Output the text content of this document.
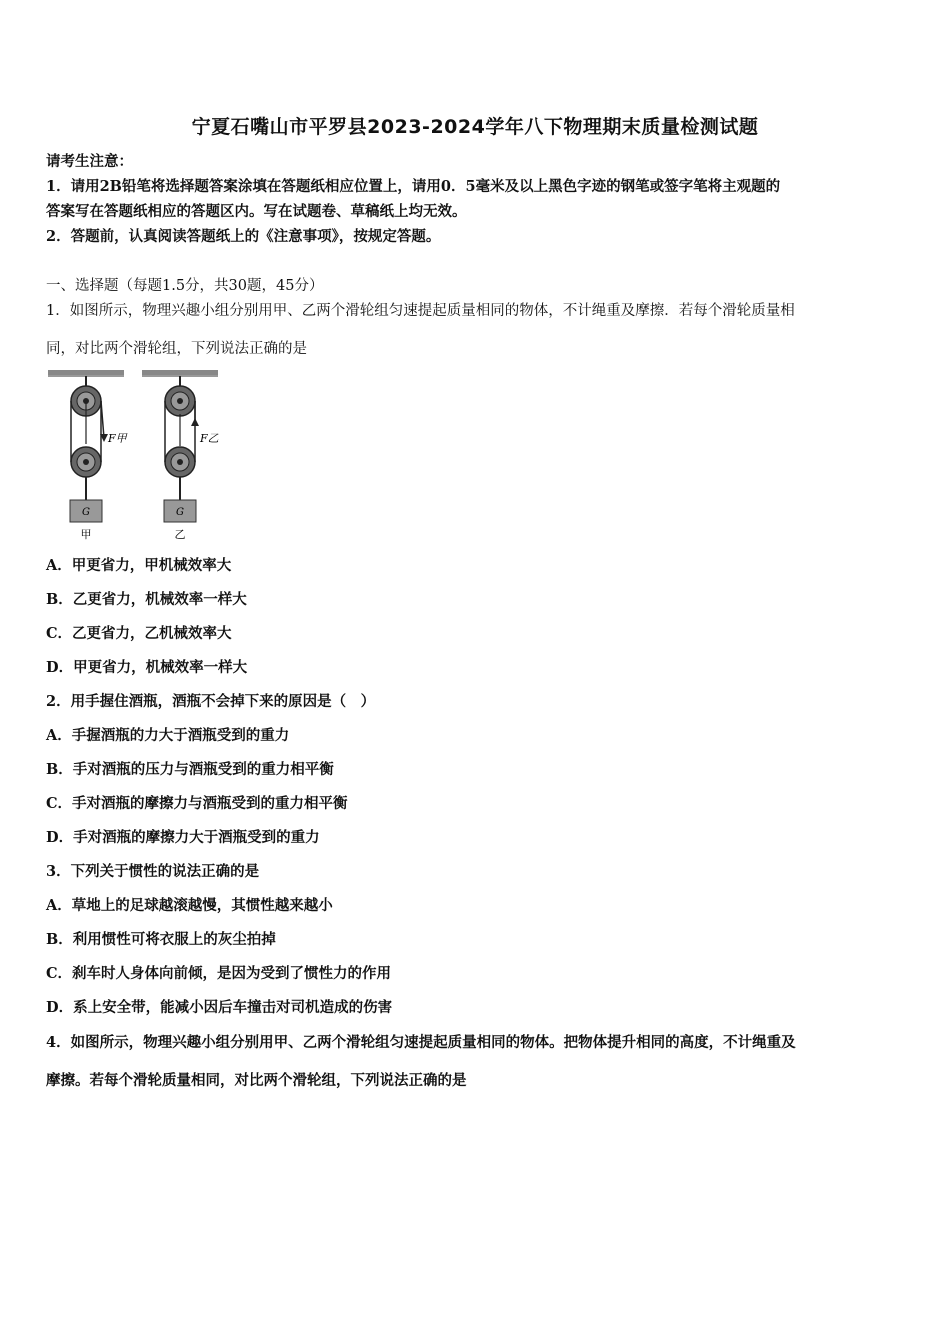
宁夏石嘴山市平罗县2023-2024学年八下物理期末质量检测试题
请考生注意：
1．请用2B铅笔将选择题答案涂填在答题纸相应位置上，请用0．5毫米及以上黑色字迹的钢笔或签字笔将主观题的
答案写在答题纸相应的答题区内。写在试题卷、草稿纸上均无效。
2．答题前，认真阅读答题纸上的《注意事项》，按规定答题。
一、选择题（每题1.5分，共30题，45分）
1．如图所示，物理兴趣小组分别用甲、乙两个滑轮组匀速提起质量相同的物体，不计绳重及摩擦．若每个滑轮质量相
同，对比两个滑轮组，下列说法正确的是
F甲
G
甲
F乙
G
乙
A．甲更省力，甲机械效率大
B．乙更省力，机械效率一样大
C．乙更省力，乙机械效率大
D．甲更省力，机械效率一样大
2．用手握住酒瓶，酒瓶不会掉下来的原因是（　）
A．手握酒瓶的力大于酒瓶受到的重力
B．手对酒瓶的压力与酒瓶受到的重力相平衡
C．手对酒瓶的摩擦力与酒瓶受到的重力相平衡
D．手对酒瓶的摩擦力大于酒瓶受到的重力
3．下列关于惯性的说法正确的是
A．草地上的足球越滚越慢，其惯性越来越小
B．利用惯性可将衣服上的灰尘拍掉
C．刹车时人身体向前倾，是因为受到了惯性力的作用
D．系上安全带，能减小因后车撞击对司机造成的伤害
4．如图所示，物理兴趣小组分别用甲、乙两个滑轮组匀速提起质量相同的物体。把物体提升相同的高度，不计绳重及
摩擦。若每个滑轮质量相同，对比两个滑轮组，下列说法正确的是
